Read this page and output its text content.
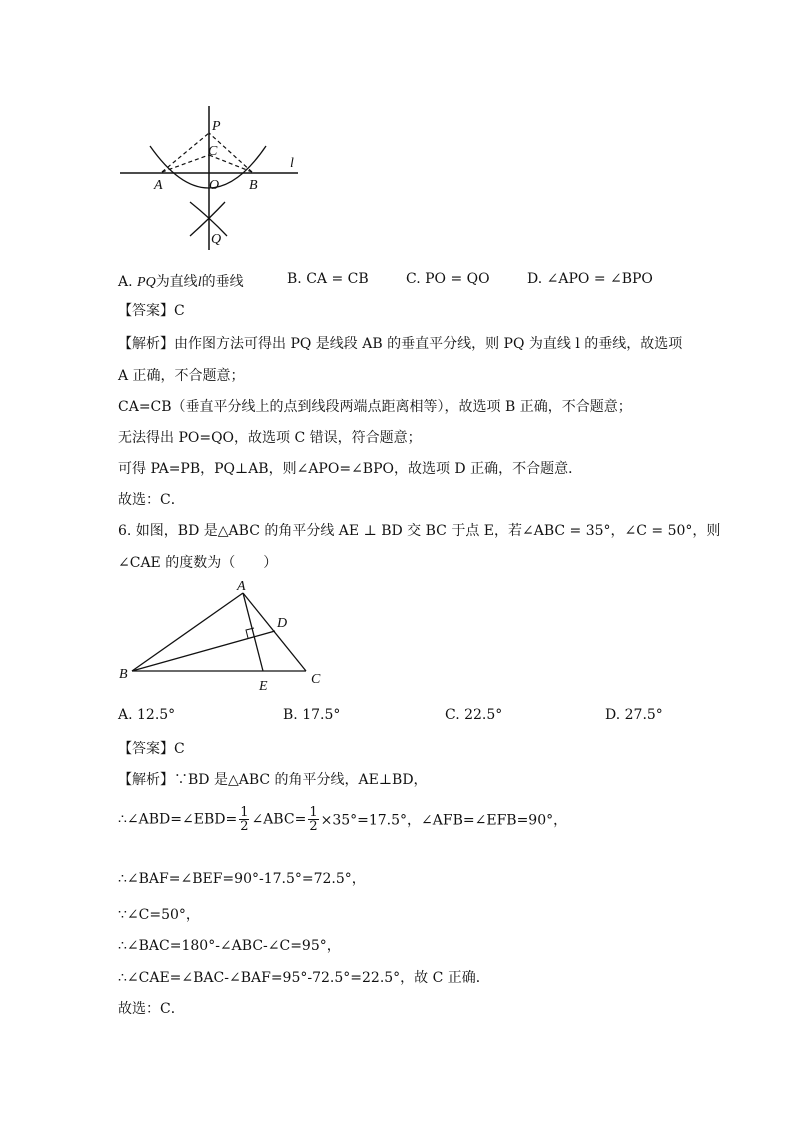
P
C
A	O B
l
Q
A. PQ为直线l的垂线	B. CA = CB	C. PO = QO	D. ∠APO = ∠BPO
【答案】C
【解析】由作图方法可得出 PQ 是线段 AB 的垂直平分线，则 PQ 为直线 l 的垂线，故选项
A 正确，不合题意；
CA=CB（垂直平分线上的点到线段两端点距离相等），故选项 B 正确，不合题意；
无法得出 PO=QO，故选项 C 错误，符合题意；
可得 PA=PB，PQ⊥AB，则∠APO=∠BPO，故选项 D 正确，不合题意．
故选：C．
6. 如图，BD 是△ABC 的角平分线 AE ⊥ BD 交 BC 于点 E，若∠ABC = 35°，∠C = 50°，则
∠CAE 的度数为（　　）
A
D
B
E	C
A. 12.5°	B. 17.5°	C. 22.5°	D. 27.5°
【答案】C
【解析】∵BD 是△ABC 的角平分线，AE⊥BD，
∴∠ABD=∠EBD= $\frac{1}{2}$ ∠ABC= $\frac{1}{2} \times 35^\circ=17.5^\circ$，∠AFB=∠EFB=90°，
∴∠BAF=∠BEF=90°-17.5°=72.5°，
∵∠C=50°，
∴∠BAC=180°-∠ABC-∠C=95°，
∴∠CAE=∠BAC-∠BAF=95°-72.5°=22.5°，故 C 正确．
故选：C．
